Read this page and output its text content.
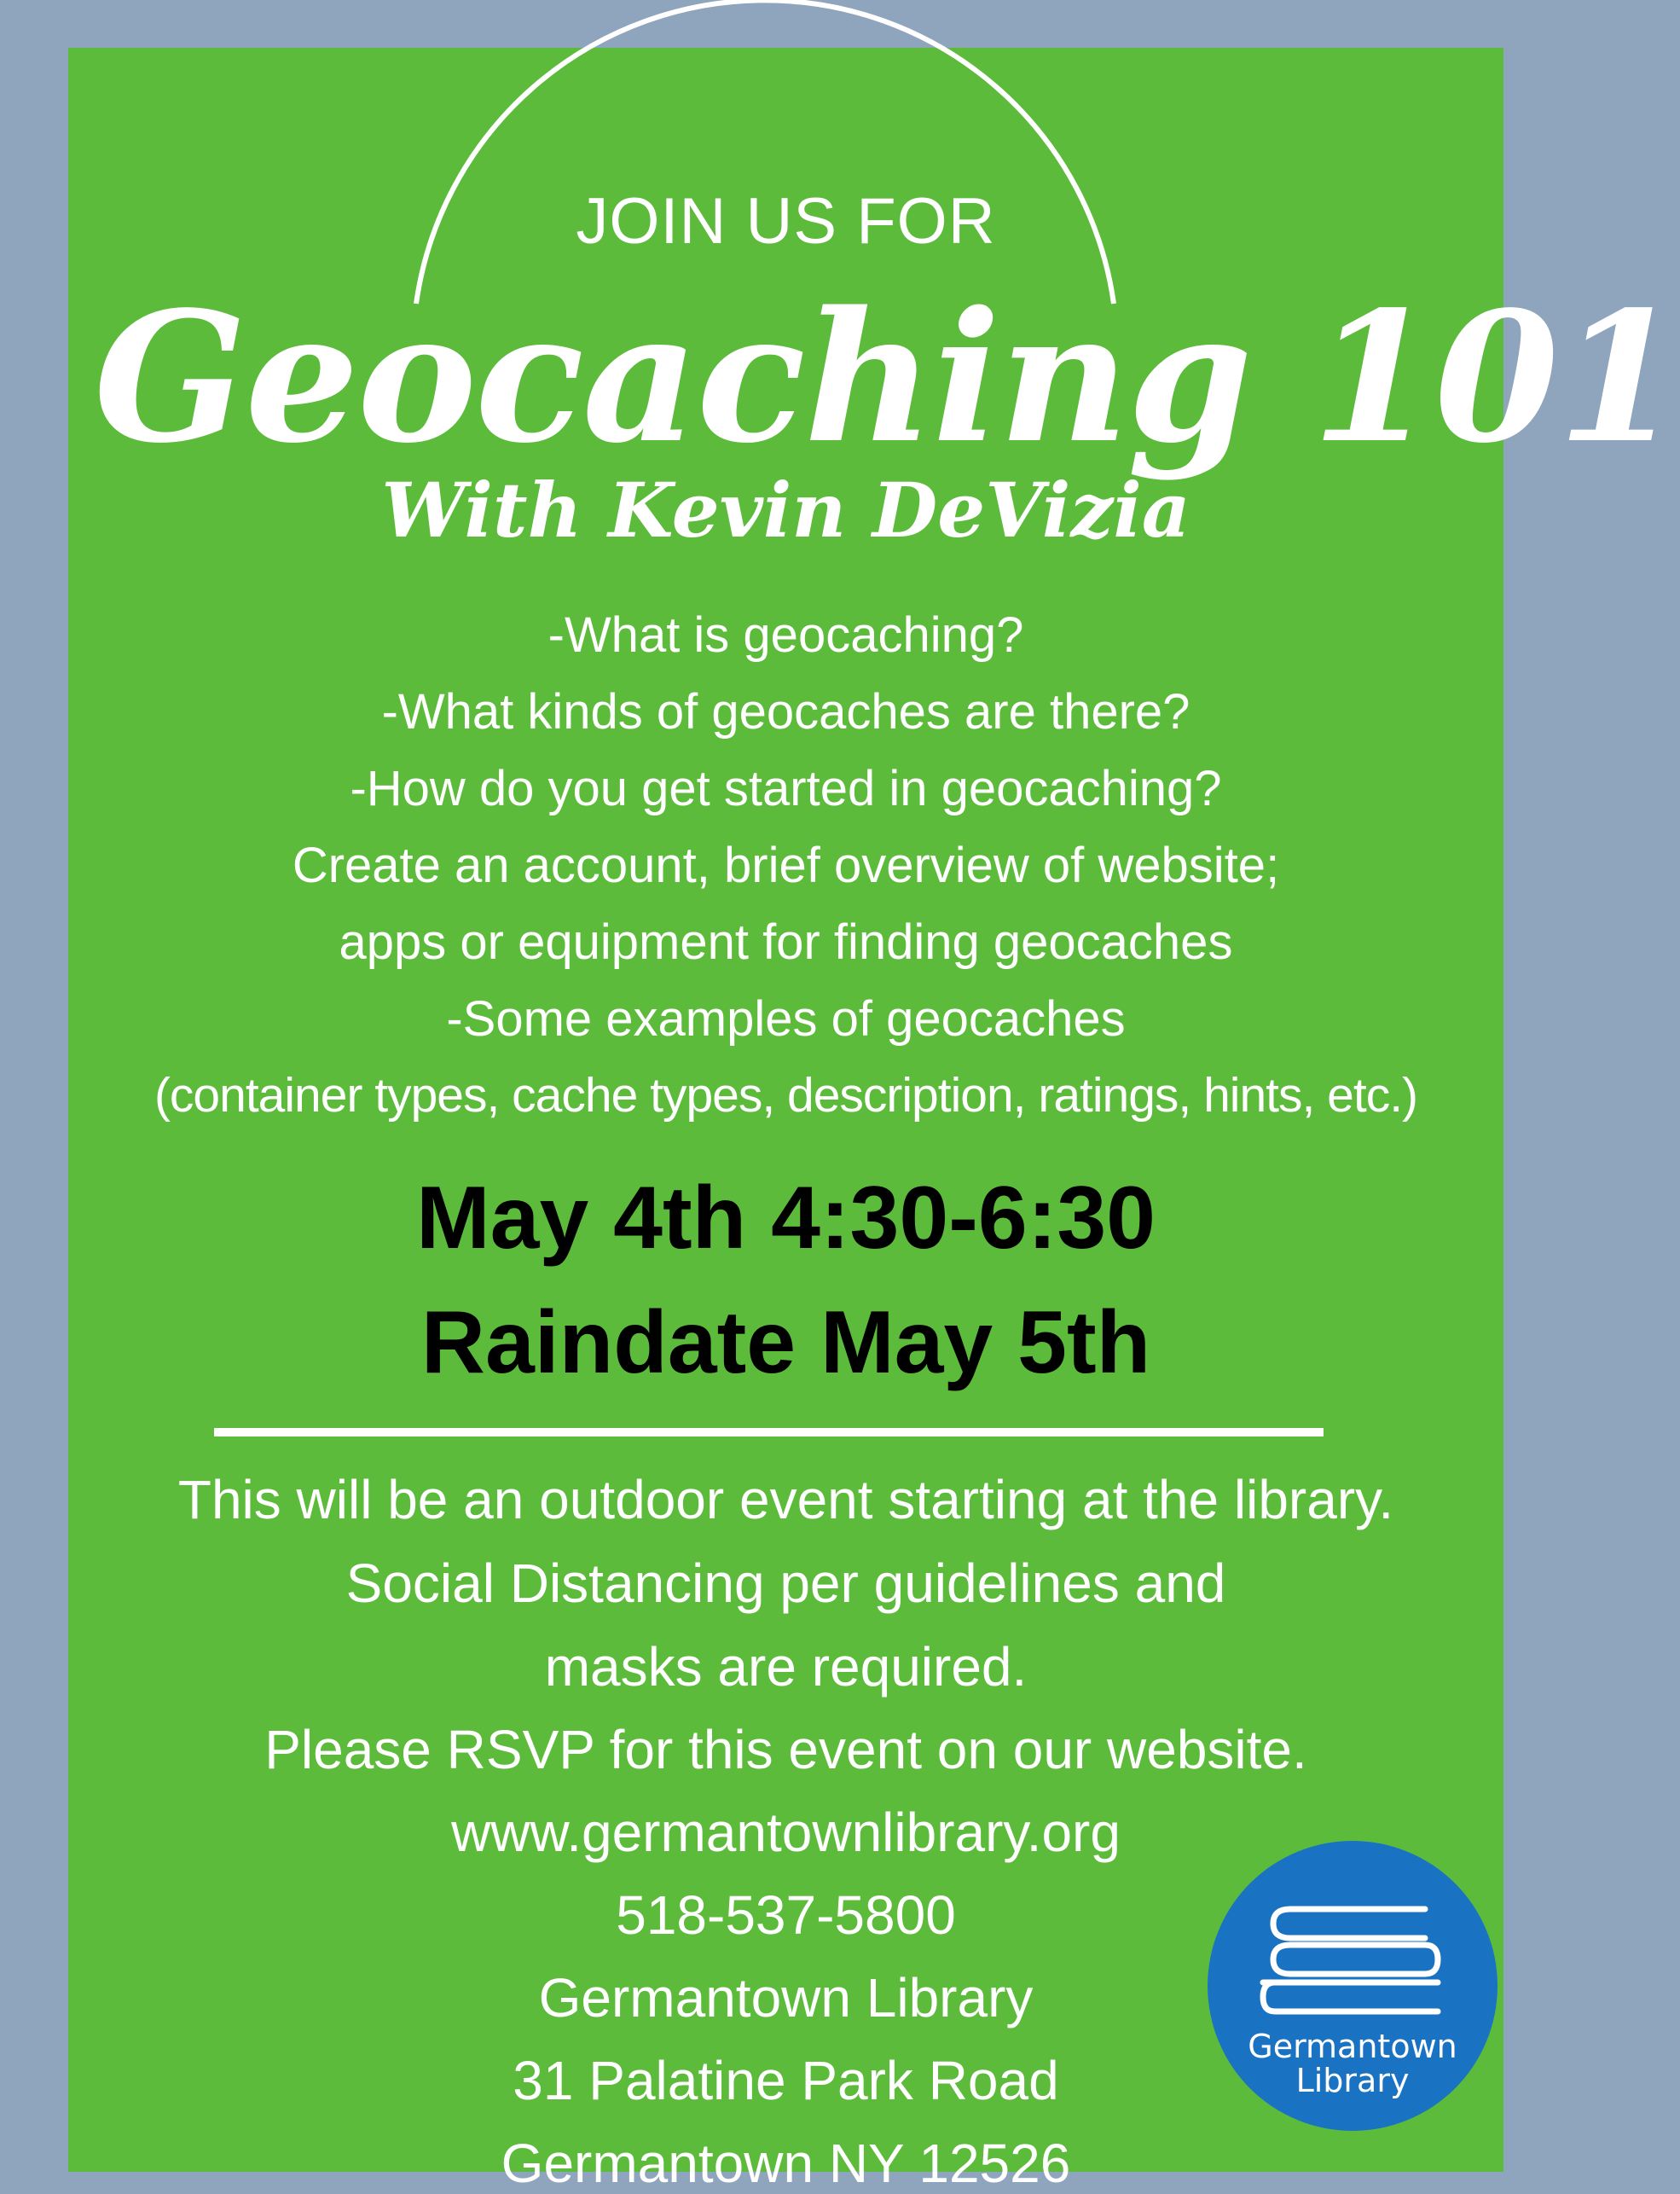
JOIN US FOR
Geocaching 101
With Kevin DeVizia
-What is geocaching?
-What kinds of geocaches are there?
-How do you get started in geocaching?
Create an account, brief overview of website;
apps or equipment for finding geocaches
-Some examples of geocaches
(container types, cache types, description, ratings, hints, etc.)
May 4th 4:30-6:30
Raindate May 5th
This will be an outdoor event starting at the library.
Social Distancing per guidelines and
masks are required.
Please RSVP for this event on our website.
www.germantownlibrary.org
518-537-5800
Germantown Library
31 Palatine Park Road
Germantown NY 12526
Germantown
Library
